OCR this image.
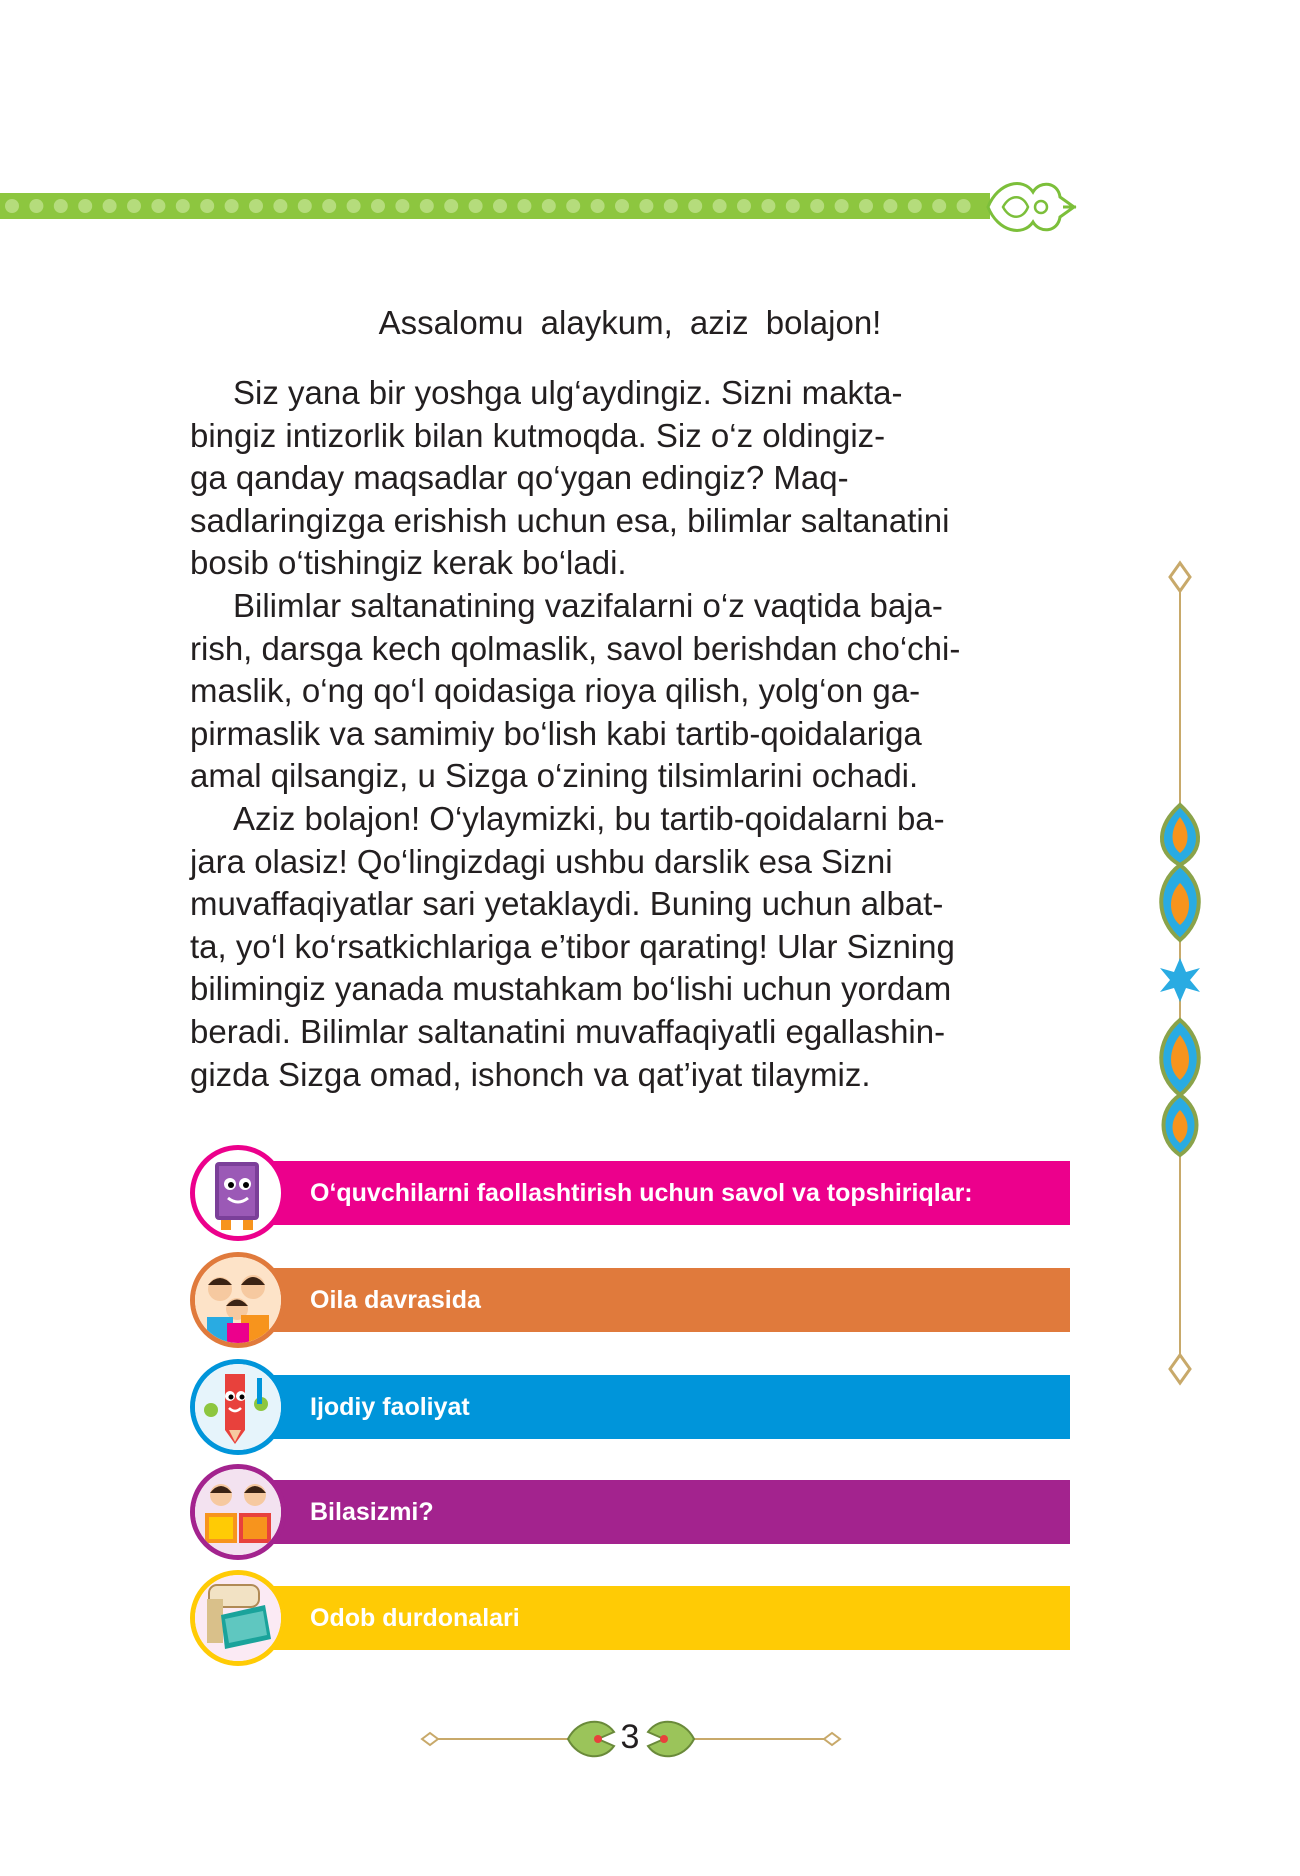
Assalomu alaykum, aziz bolajon!

Siz yana bir yoshga ulg‘aydingiz. Sizni makta-

bingiz intizorlik bilan kutmoqda. Siz o‘z oldingiz-

ga qanday maqsadlar qo‘ygan edingiz? Maq-

sadlaringizga erishish uchun esa, bilimlar saltanatini

bosib o‘tishingiz kerak bo‘ladi.

Bilimlar saltanatining vazifalarni o‘z vaqtida baja-

rish, darsga kech qolmaslik, savol berishdan cho‘chi-

maslik, o‘ng qo‘l qoidasiga rioya qilish, yolg‘on ga-

pirmaslik va samimiy bo‘lish kabi tartib-qoidalariga

amal qilsangiz, u Sizga o‘zining tilsimlarini ochadi.

Aziz bolajon! O‘ylaymizki, bu tartib-qoidalarni ba-

jara olasiz! Qo‘lingizdagi ushbu darslik esa Sizni

muvaffaqiyatlar sari yetaklaydi. Buning uchun albat-

ta, yo‘l ko‘rsatkichlariga e’tibor qarating! Ular Sizning

bilimingiz yanada mustahkam bo‘lishi uchun yordam

beradi. Bilimlar saltanatini muvaffaqiyatli egallashin-

gizda Sizga omad, ishonch va qat’iyat tilaymiz.

O‘quvchilarni faollashtirish uchun savol va topshiriqlar:
Oila davrasida
Ijodiy faoliyat
Bilasizmi?
Odob durdonalari
3
